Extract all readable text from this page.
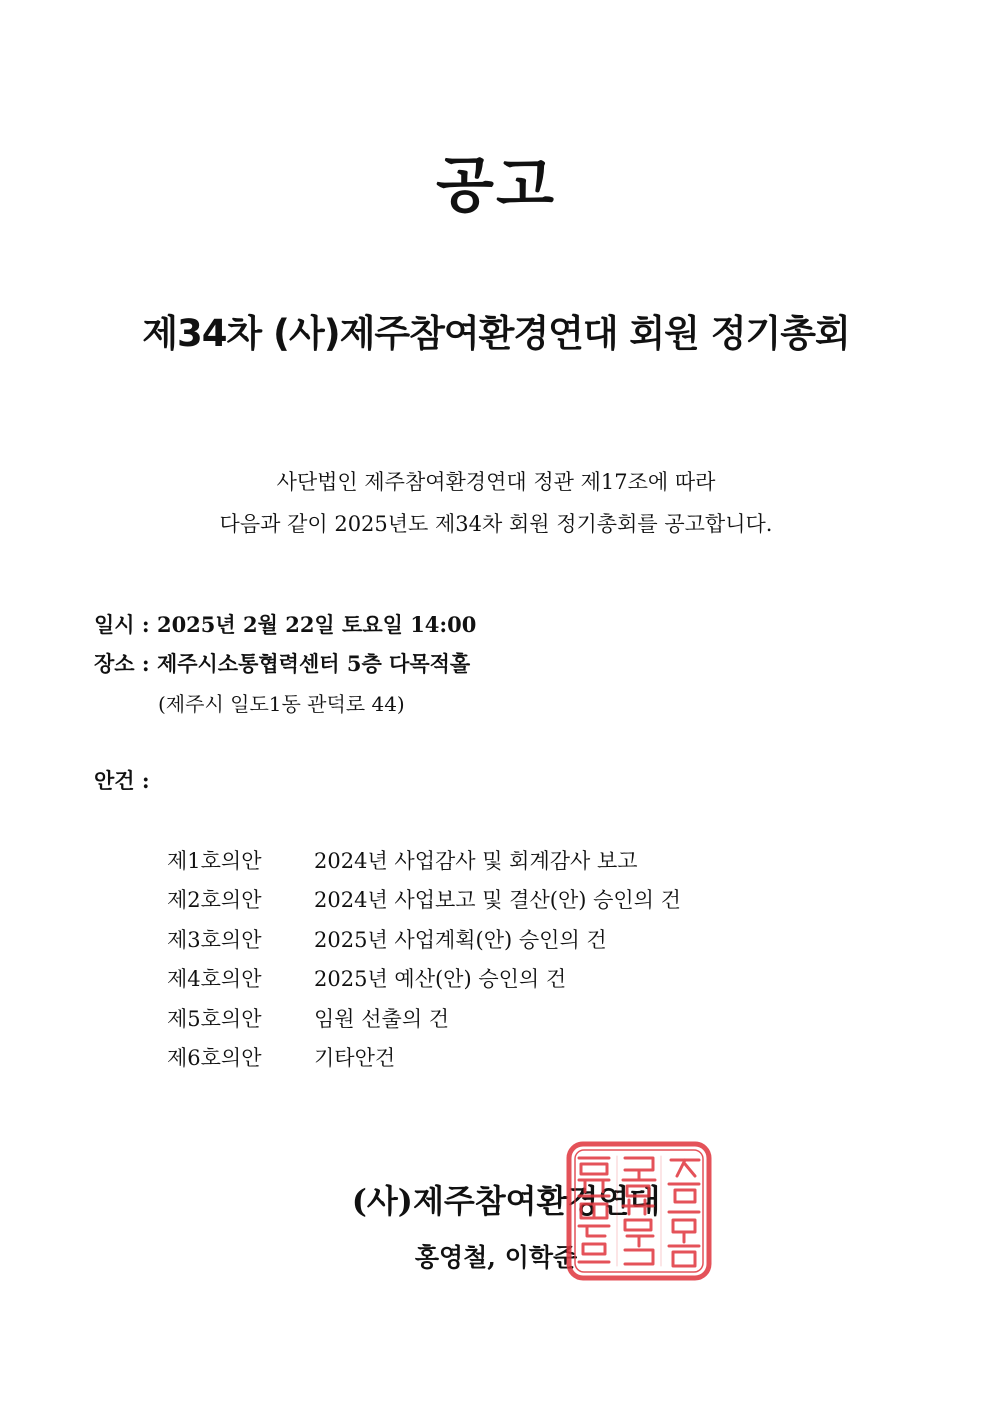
공고
제34차 (사)제주참여환경연대 회원 정기총회
사단법인 제주참여환경연대 정관 제17조에 따라
다음과 같이 2025년도 제34차 회원 정기총회를 공고합니다.
일시 : 2025년 2월 22일 토요일 14:00
장소 : 제주시소통협력센터 5층 다목적홀
(제주시 일도1동 관덕로 44)
안건 :
제1호의안	2024년 사업감사 및 회계감사 보고
제2호의안	2024년 사업보고 및 결산(안) 승인의 건
제3호의안	2025년 사업계획(안) 승인의 건
제4호의안	2025년 예산(안) 승인의 건
제5호의안	임원 선출의 건
제6호의안	기타안건
(사)제주참여환경연대
홍영철, 이학준
